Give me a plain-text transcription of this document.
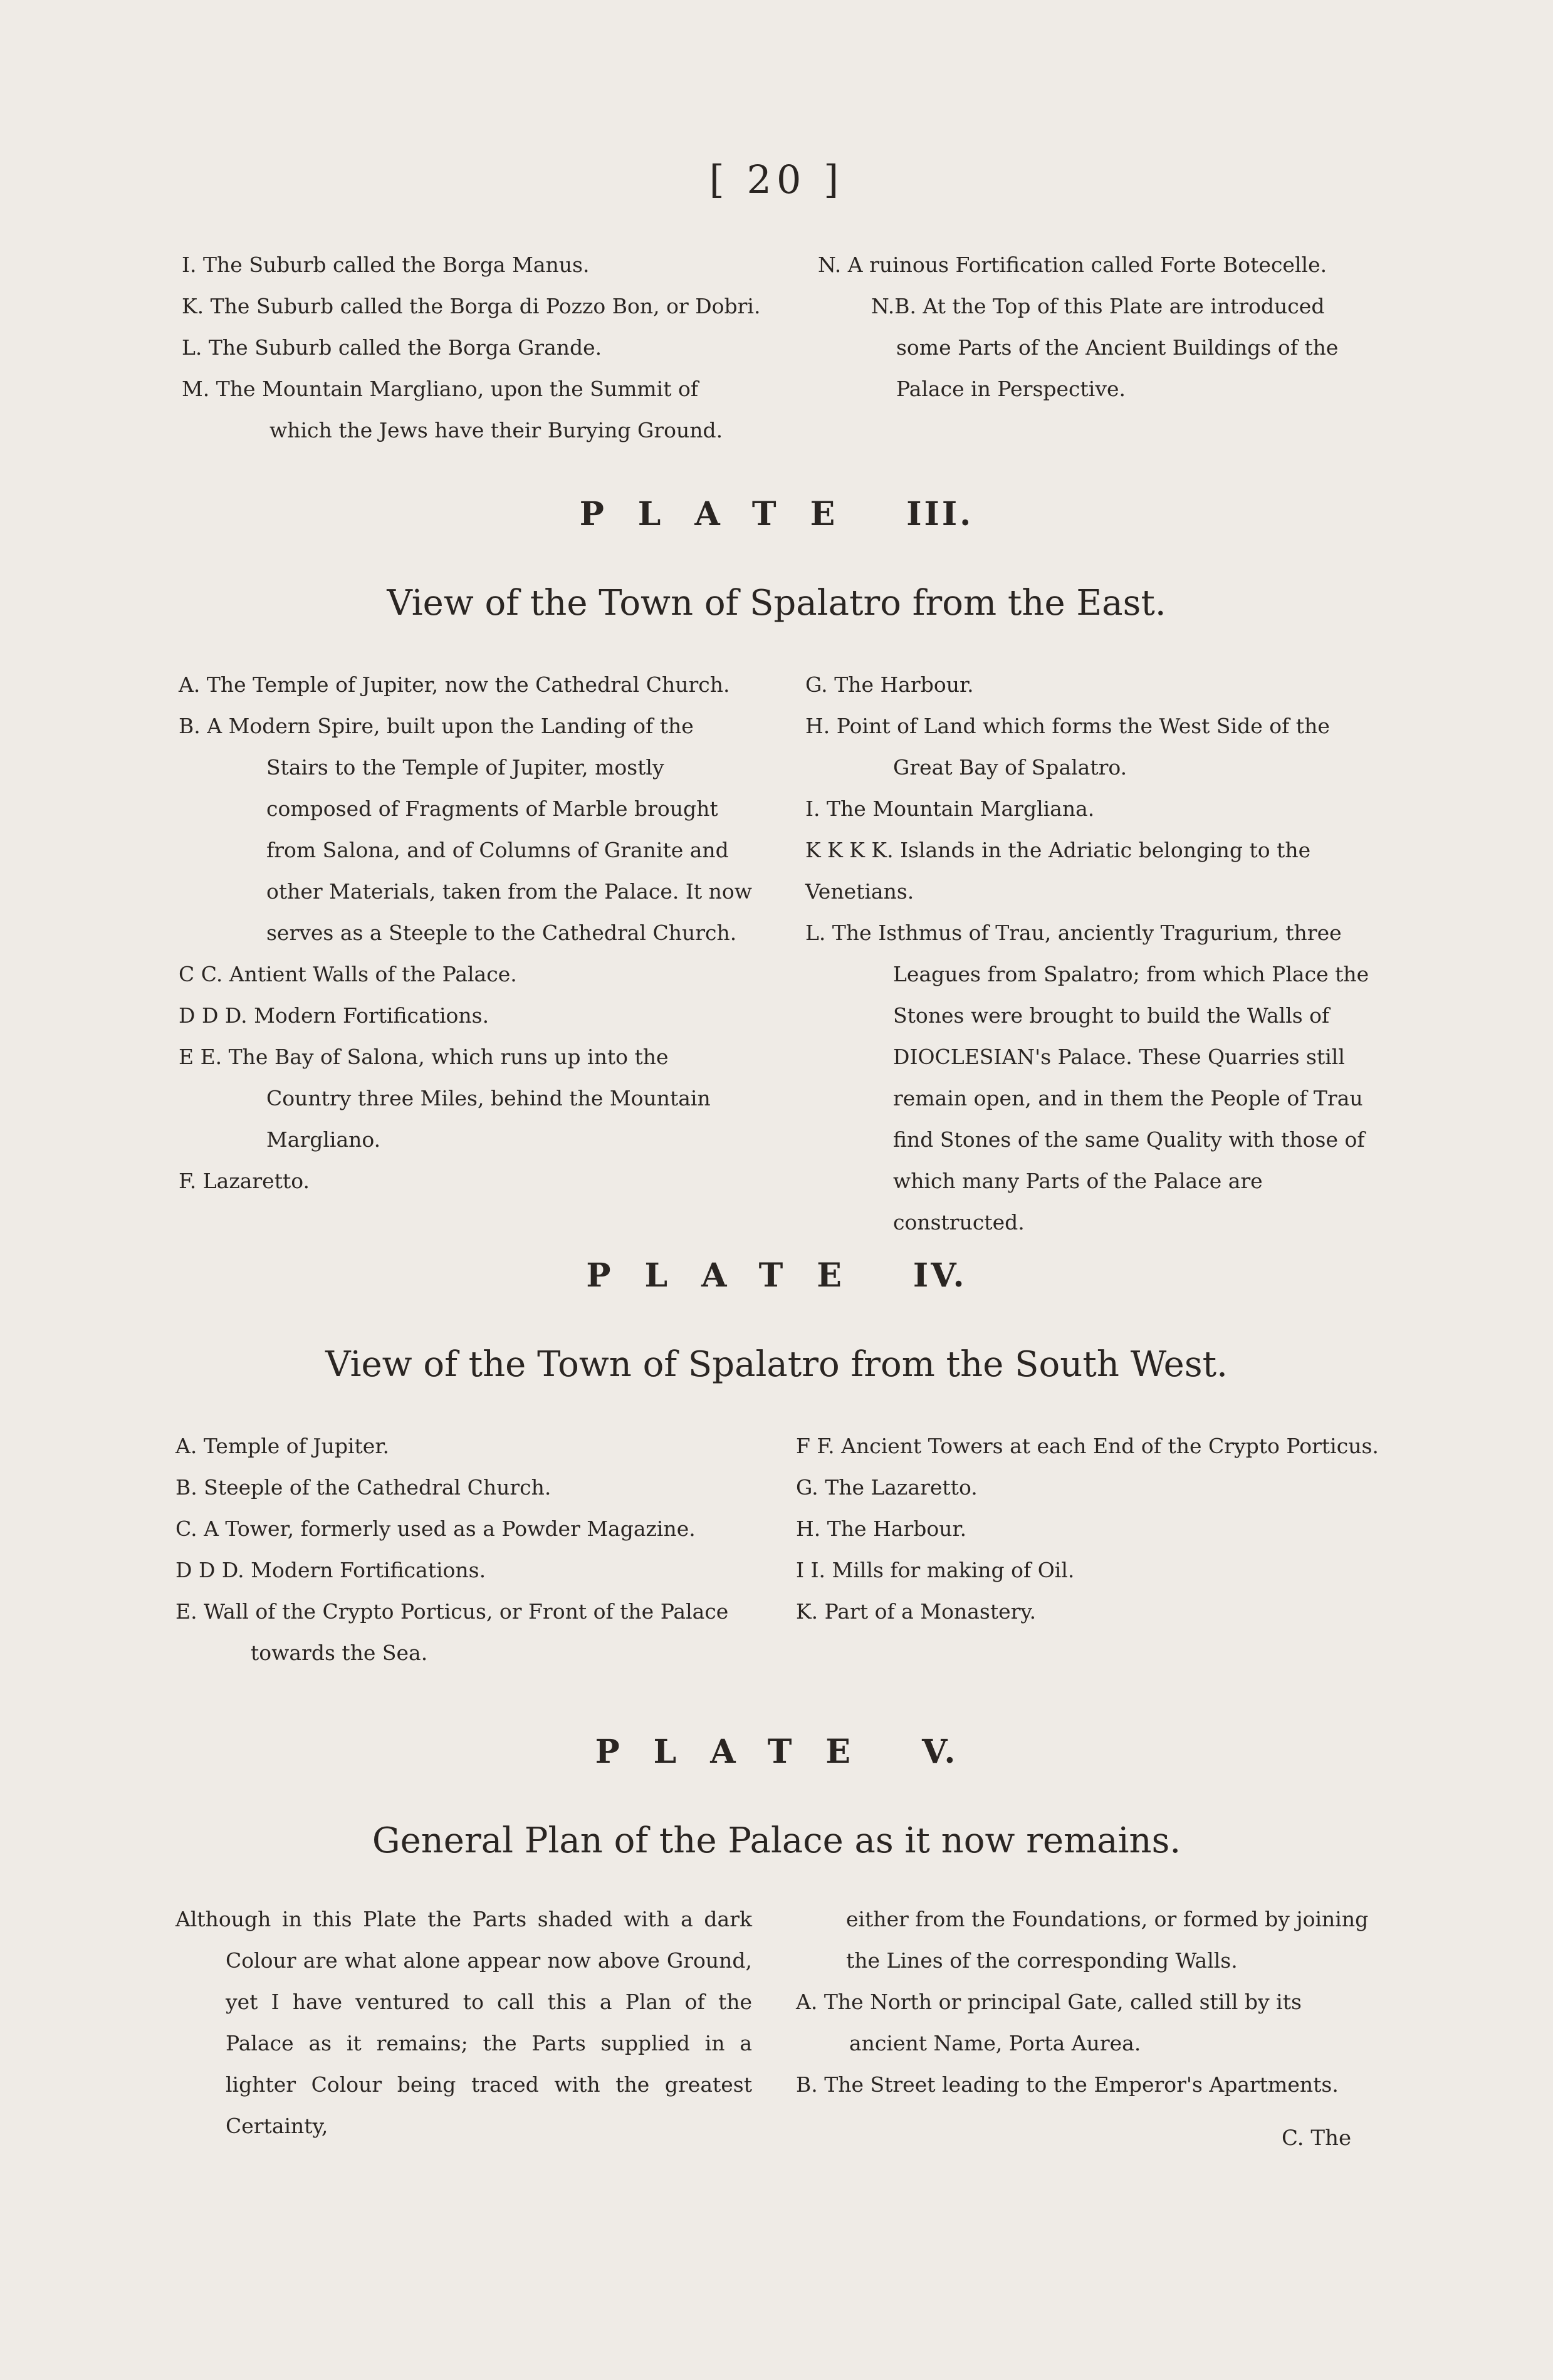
[ 20 ]

I. The Suburb called the Borga Manus.

K. The Suburb called the Borga di Pozzo Bon, or Dobri.

L. The Suburb called the Borga Grande.

M. The Mountain Margliano, upon the Summit of
which the Jews have their Burying Ground.

N. A ruinous Fortification called Forte Botecelle.

N.B. At the Top of this Plate are introduced
some Parts of the Ancient Buildings of the Palace in Perspective.

PLATE III.
View of the Town of Spalatro from the East.

A. The Temple of Jupiter, now the Cathedral Church.

B. A Modern Spire, built upon the Landing of the
Stairs to the Temple of Jupiter, mostly composed of Fragments of Marble brought from Salona, and of Columns of Granite and other Materials, taken from the Palace. It now serves as a Steeple to the Cathedral Church.

C C. Antient Walls of the Palace.

D D D. Modern Fortifications.

E E. The Bay of Salona, which runs up into the
Country three Miles, behind the Mountain Margliano.

F. Lazaretto.

G. The Harbour.

H. Point of Land which forms the West Side of the
Great Bay of Spalatro.

I. The Mountain Margliana.

K K K K. Islands in the Adriatic belonging to the Venetians.

L. The Isthmus of Trau, anciently Tragurium, three
Leagues from Spalatro; from which Place the Stones were brought to build the Walls of DIOCLESIAN's Palace. These Quarries still remain open, and in them the People of Trau find Stones of the same Quality with those of which many Parts of the Palace are constructed.

PLATE IV.
View of the Town of Spalatro from the South West.

A. Temple of Jupiter.

B. Steeple of the Cathedral Church.

C. A Tower, formerly used as a Powder Magazine.

D D D. Modern Fortifications.

E. Wall of the Crypto Porticus, or Front of the Palace
towards the Sea.

F F. Ancient Towers at each End of the Crypto Porticus.

G. The Lazaretto.

H. The Harbour.

I I. Mills for making of Oil.

K. Part of a Monastery.

PLATE V.
General Plan of the Palace as it now remains.

Although in this Plate the Parts shaded with a dark Colour are what alone appear now above Ground, yet I have ventured to call this a Plan of the Palace as it remains; the Parts supplied in a lighter Colour being traced with the greatest Certainty,

either from the Foundations, or formed by joining the Lines of the corresponding Walls.

A. The North or principal Gate, called still by its
ancient Name, Porta Aurea.

B. The Street leading to the Emperor's Apartments.

C. The
